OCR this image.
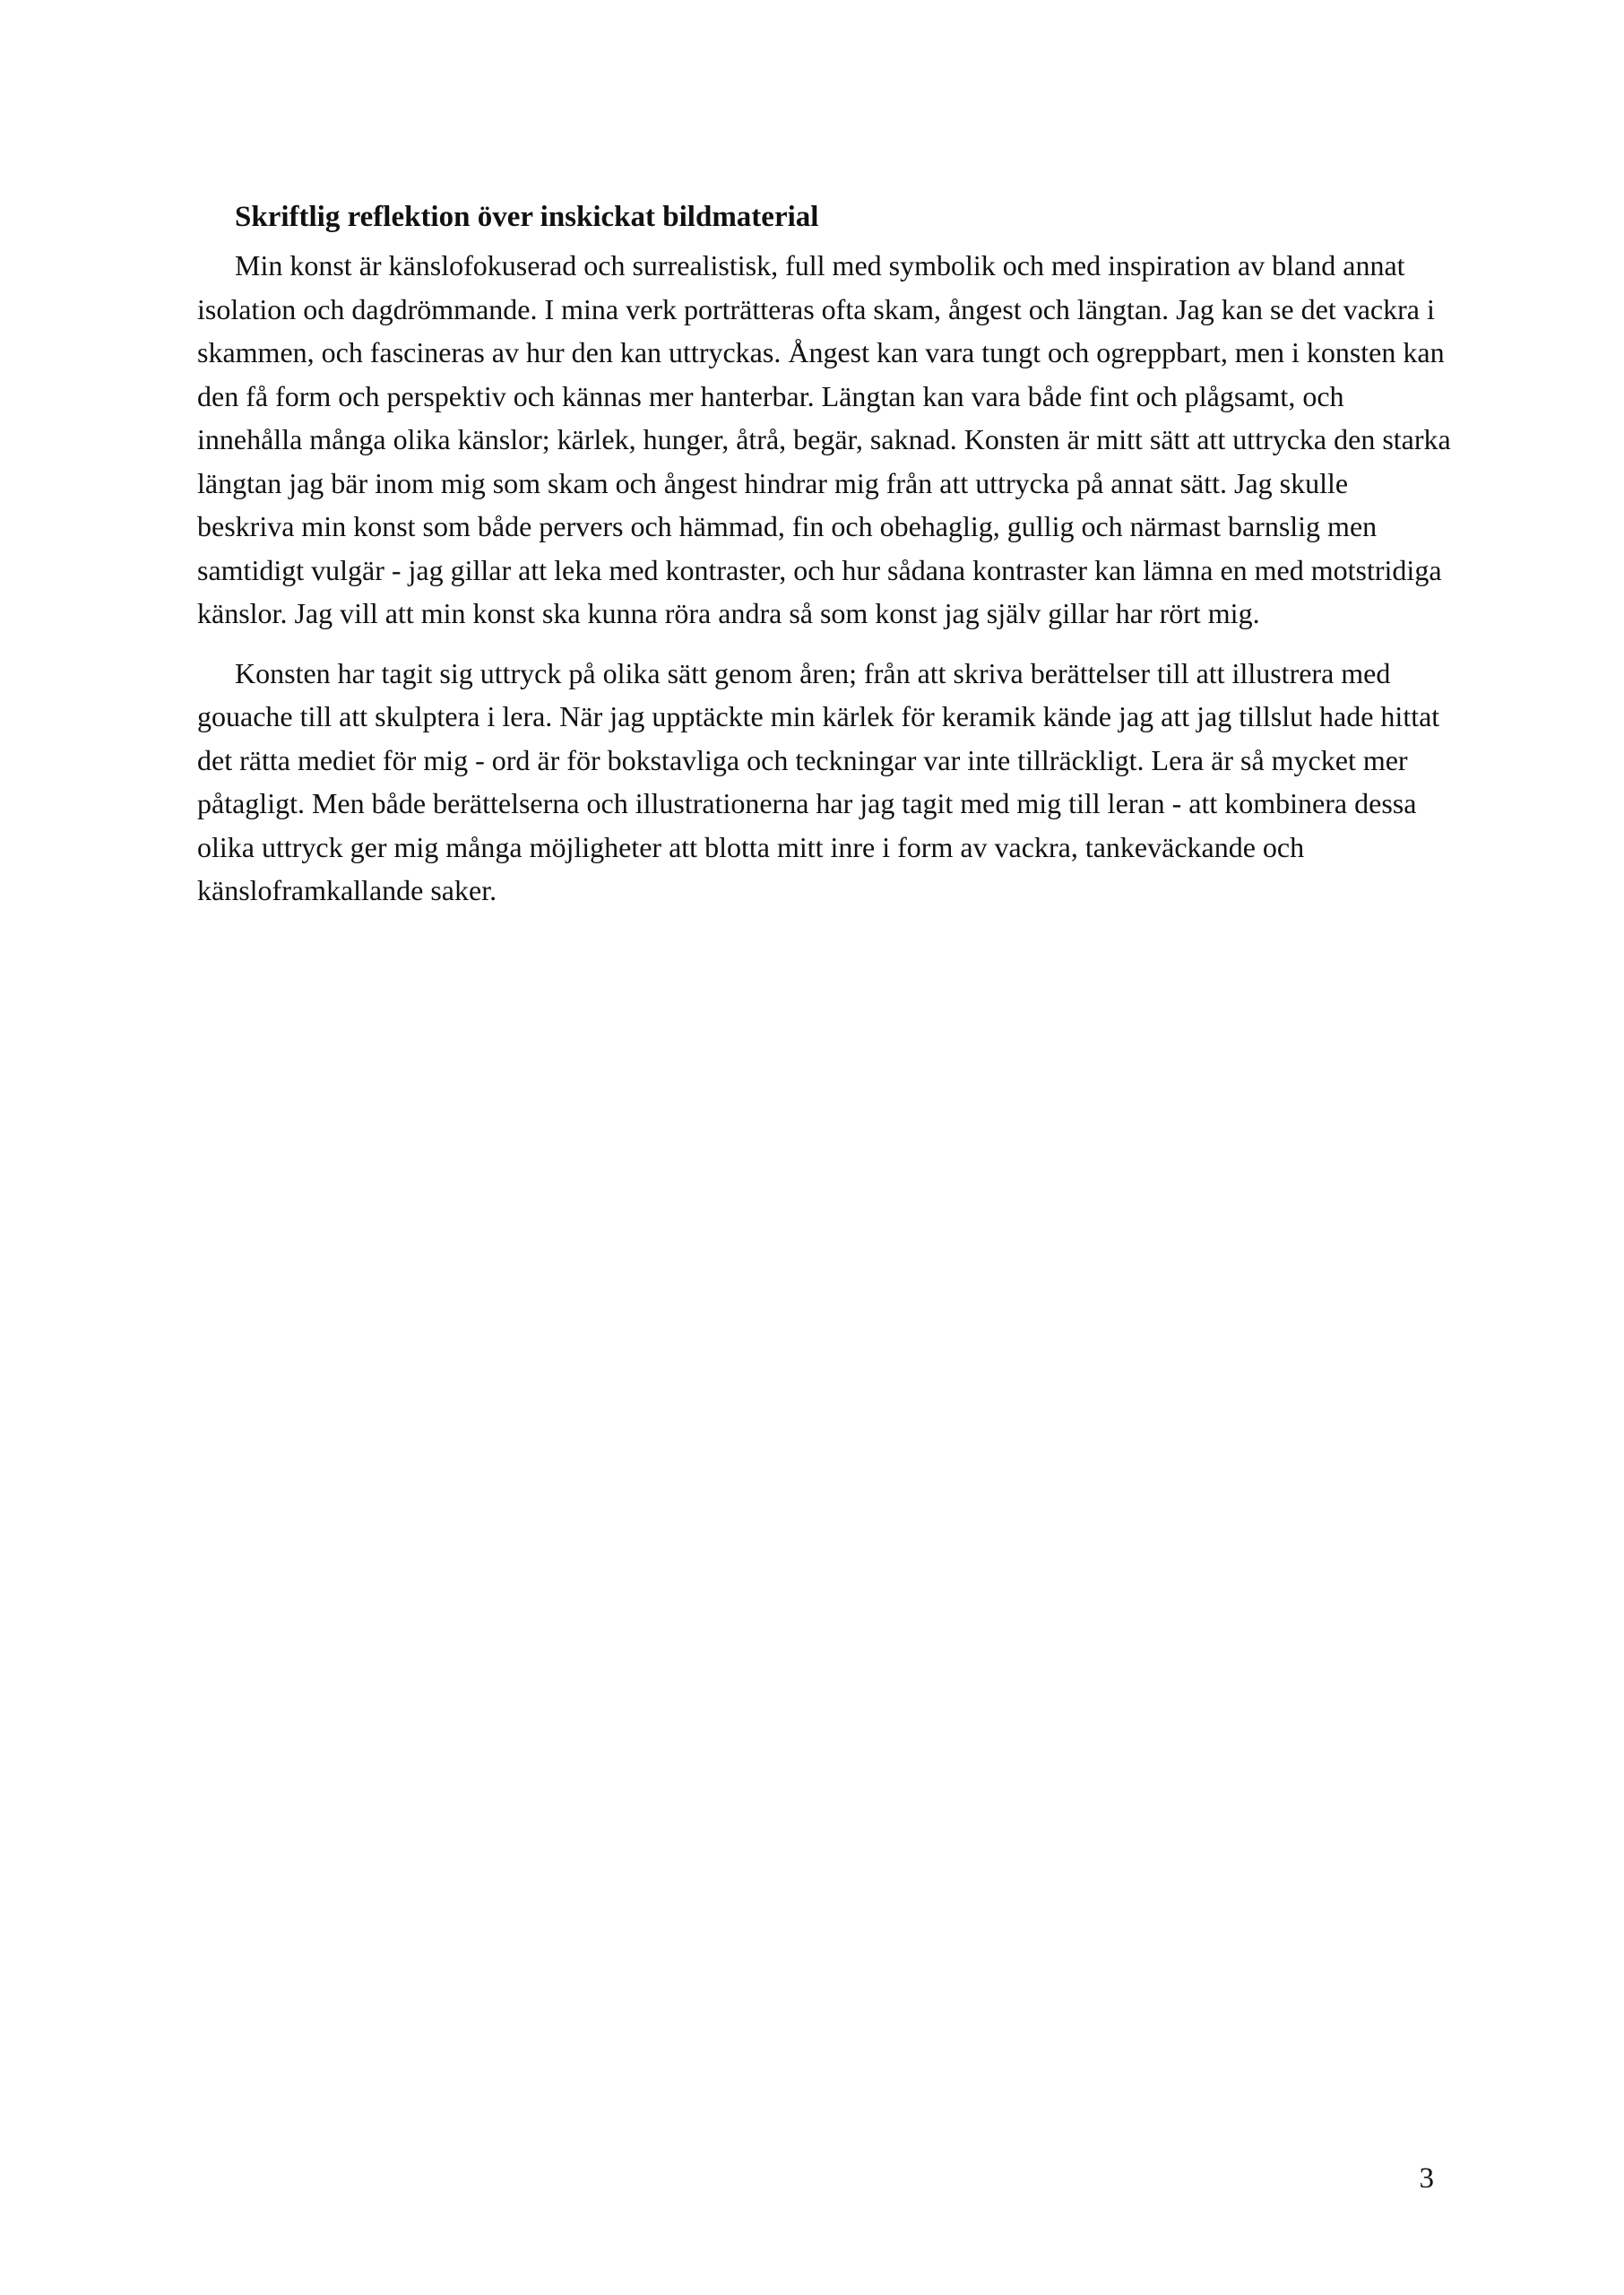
Skriftlig reflektion över inskickat bildmaterial

Min konst är känslofokuserad och surrealistisk, full med symbolik och med inspiration av bland annat isolation och dagdrömmande. I mina verk porträtteras ofta skam, ångest och längtan. Jag kan se det vackra i skammen, och fascineras av hur den kan uttryckas. Ångest kan vara tungt och ogreppbart, men i konsten kan den få form och perspektiv och kännas mer hanterbar. Längtan kan vara både fint och plågsamt, och innehålla många olika känslor; kärlek, hunger, åtrå, begär, saknad. Konsten är mitt sätt att uttrycka den starka längtan jag bär inom mig som skam och ångest hindrar mig från att uttrycka på annat sätt. Jag skulle beskriva min konst som både pervers och hämmad, fin och obehaglig, gullig och närmast barnslig men samtidigt vulgär - jag gillar att leka med kontraster, och hur sådana kontraster kan lämna en med motstridiga känslor. Jag vill att min konst ska kunna röra andra så som konst jag själv gillar har rört mig.

Konsten har tagit sig uttryck på olika sätt genom åren; från att skriva berättelser till att illustrera med gouache till att skulptera i lera. När jag upptäckte min kärlek för keramik kände jag att jag tillslut hade hittat det rätta mediet för mig - ord är för bokstavliga och teckningar var inte tillräckligt. Lera är så mycket mer påtagligt. Men både berättelserna och illustrationerna har jag tagit med mig till leran - att kombinera dessa olika uttryck ger mig många möjligheter att blotta mitt inre i form av vackra, tankeväckande och känsloframkallande saker.

3
